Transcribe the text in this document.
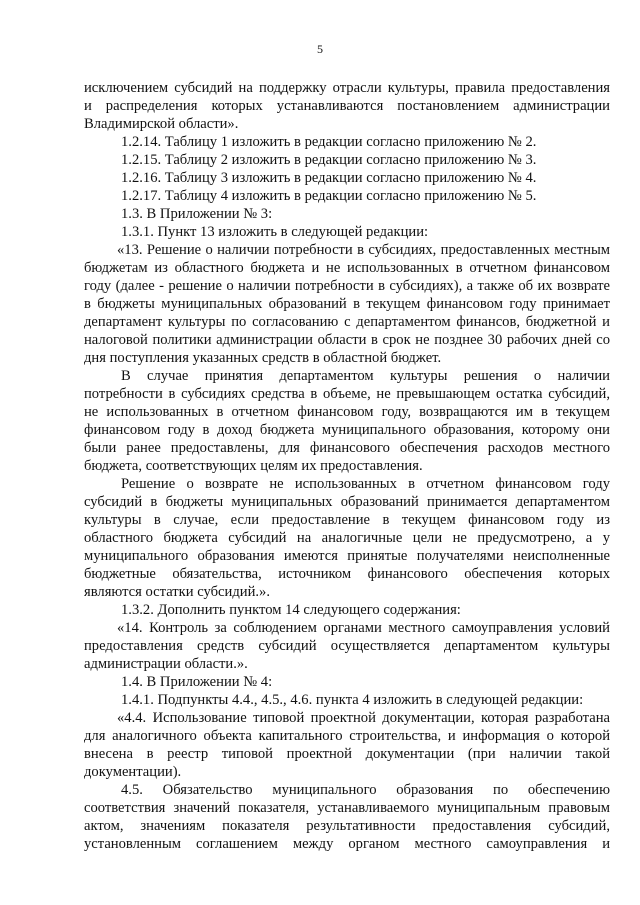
5
исключением субсидий на поддержку отрасли культуры, правила предоставления
и распределения которых устанавливаются постановлением администрации
Владимирской области».
1.2.14. Таблицу 1 изложить в редакции согласно приложению № 2.
1.2.15. Таблицу 2 изложить в редакции согласно приложению № 3.
1.2.16. Таблицу 3 изложить в редакции согласно приложению № 4.
1.2.17. Таблицу 4 изложить в редакции согласно приложению № 5.
1.3. В Приложении № 3:
1.3.1. Пункт 13 изложить в следующей редакции:
«13. Решение о наличии потребности в субсидиях, предоставленных местным
бюджетам из областного бюджета и не использованных в отчетном финансовом
году (далее - решение о наличии потребности в субсидиях), а также об их возврате
в бюджеты муниципальных образований в текущем финансовом году принимает
департамент культуры по согласованию с департаментом финансов, бюджетной и
налоговой политики администрации области в срок не позднее 30 рабочих дней со
дня поступления указанных средств в областной бюджет.
В случае принятия департаментом культуры решения о наличии
потребности в субсидиях средства в объеме, не превышающем остатка субсидий,
не использованных в отчетном финансовом году, возвращаются им в текущем
финансовом году в доход бюджета муниципального образования, которому они
были ранее предоставлены, для финансового обеспечения расходов местного
бюджета, соответствующих целям их предоставления.
Решение о возврате не использованных в отчетном финансовом году
субсидий в бюджеты муниципальных образований принимается департаментом
культуры в случае, если предоставление в текущем финансовом году из
областного бюджета субсидий на аналогичные цели не предусмотрено, а у
муниципального образования имеются принятые получателями неисполненные
бюджетные обязательства, источником финансового обеспечения которых
являются остатки субсидий.».
1.3.2. Дополнить пунктом 14 следующего содержания:
«14. Контроль за соблюдением органами местного самоуправления условий
предоставления средств субсидий осуществляется департаментом культуры
администрации области.».
1.4. В Приложении № 4:
1.4.1. Подпункты 4.4., 4.5., 4.6. пункта 4 изложить в следующей редакции:
«4.4. Использование типовой проектной документации, которая разработана
для аналогичного объекта капитального строительства, и информация о которой
внесена в реестр типовой проектной документации (при наличии такой
документации).
4.5. Обязательство муниципального образования по обеспечению
соответствия значений показателя, устанавливаемого муниципальным правовым
актом, значениям показателя результативности предоставления субсидий,
установленным соглашением между органом местного самоуправления и
